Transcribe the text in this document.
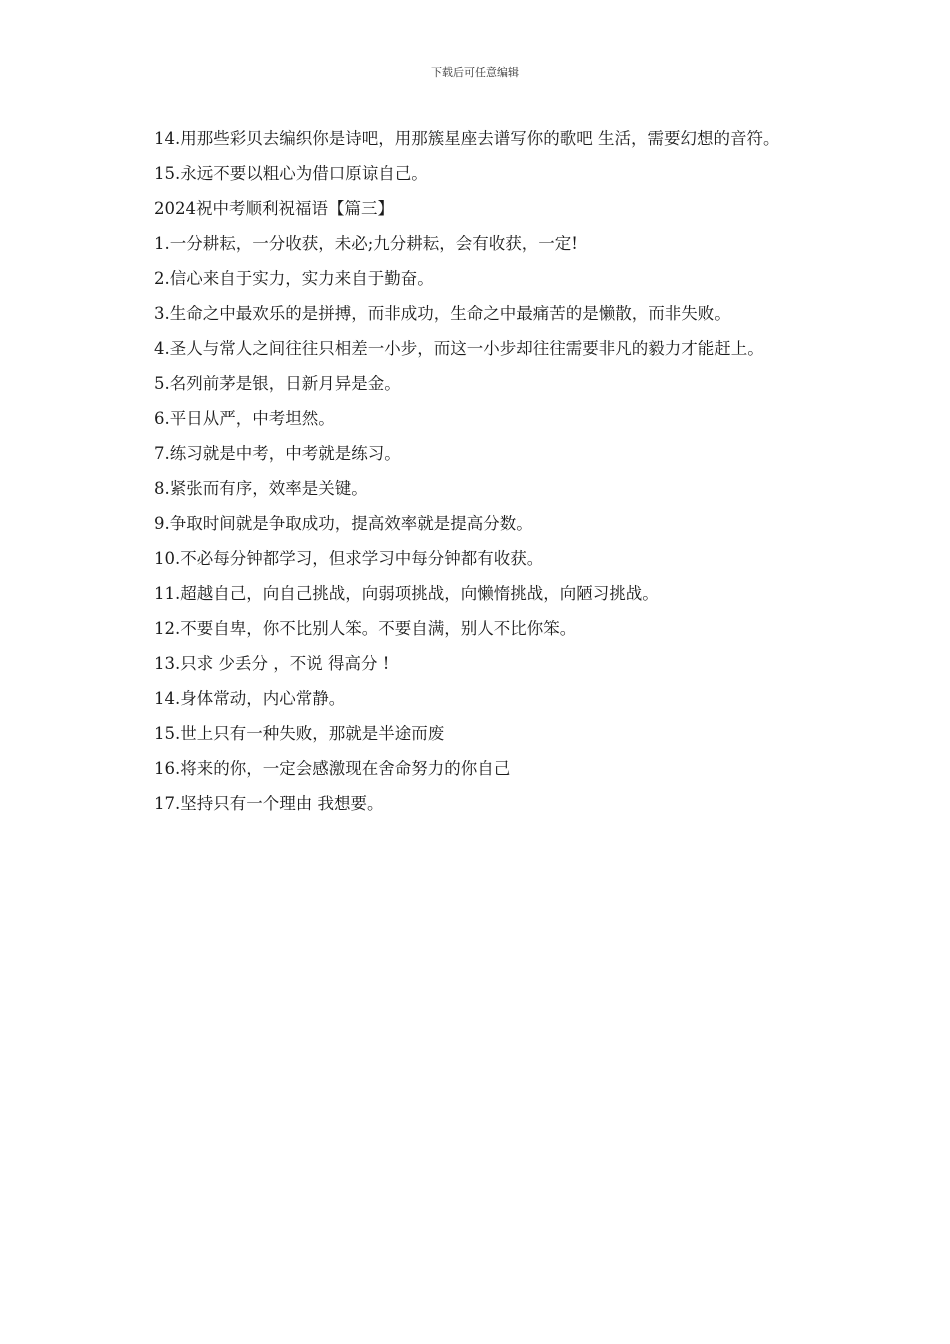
下载后可任意编辑

14.用那些彩贝去编织你是诗吧，用那簇星座去谱写你的歌吧 生活，需要幻想的音符。

15.永远不要以粗心为借口原谅自己。

2024祝中考顺利祝福语【篇三】

1.一分耕耘，一分收获，未必;九分耕耘，会有收获，一定!

2.信心来自于实力，实力来自于勤奋。

3.生命之中最欢乐的是拼搏，而非成功，生命之中最痛苦的是懒散，而非失败。

4.圣人与常人之间往往只相差一小步，而这一小步却往往需要非凡的毅力才能赶上。

5.名列前茅是银，日新月异是金。

6.平日从严，中考坦然。

7.练习就是中考，中考就是练习。

8.紧张而有序，效率是关键。

9.争取时间就是争取成功，提高效率就是提高分数。

10.不必每分钟都学习，但求学习中每分钟都有收获。

11.超越自己，向自己挑战，向弱项挑战，向懒惰挑战，向陋习挑战。

12.不要自卑，你不比别人笨。不要自满，别人不比你笨。

13.只求 少丢分 ，不说 得高分 !

14.身体常动，内心常静。

15.世上只有一种失败，那就是半途而废

16.将来的你，一定会感激现在舍命努力的你自己

17.坚持只有一个理由 我想要。
